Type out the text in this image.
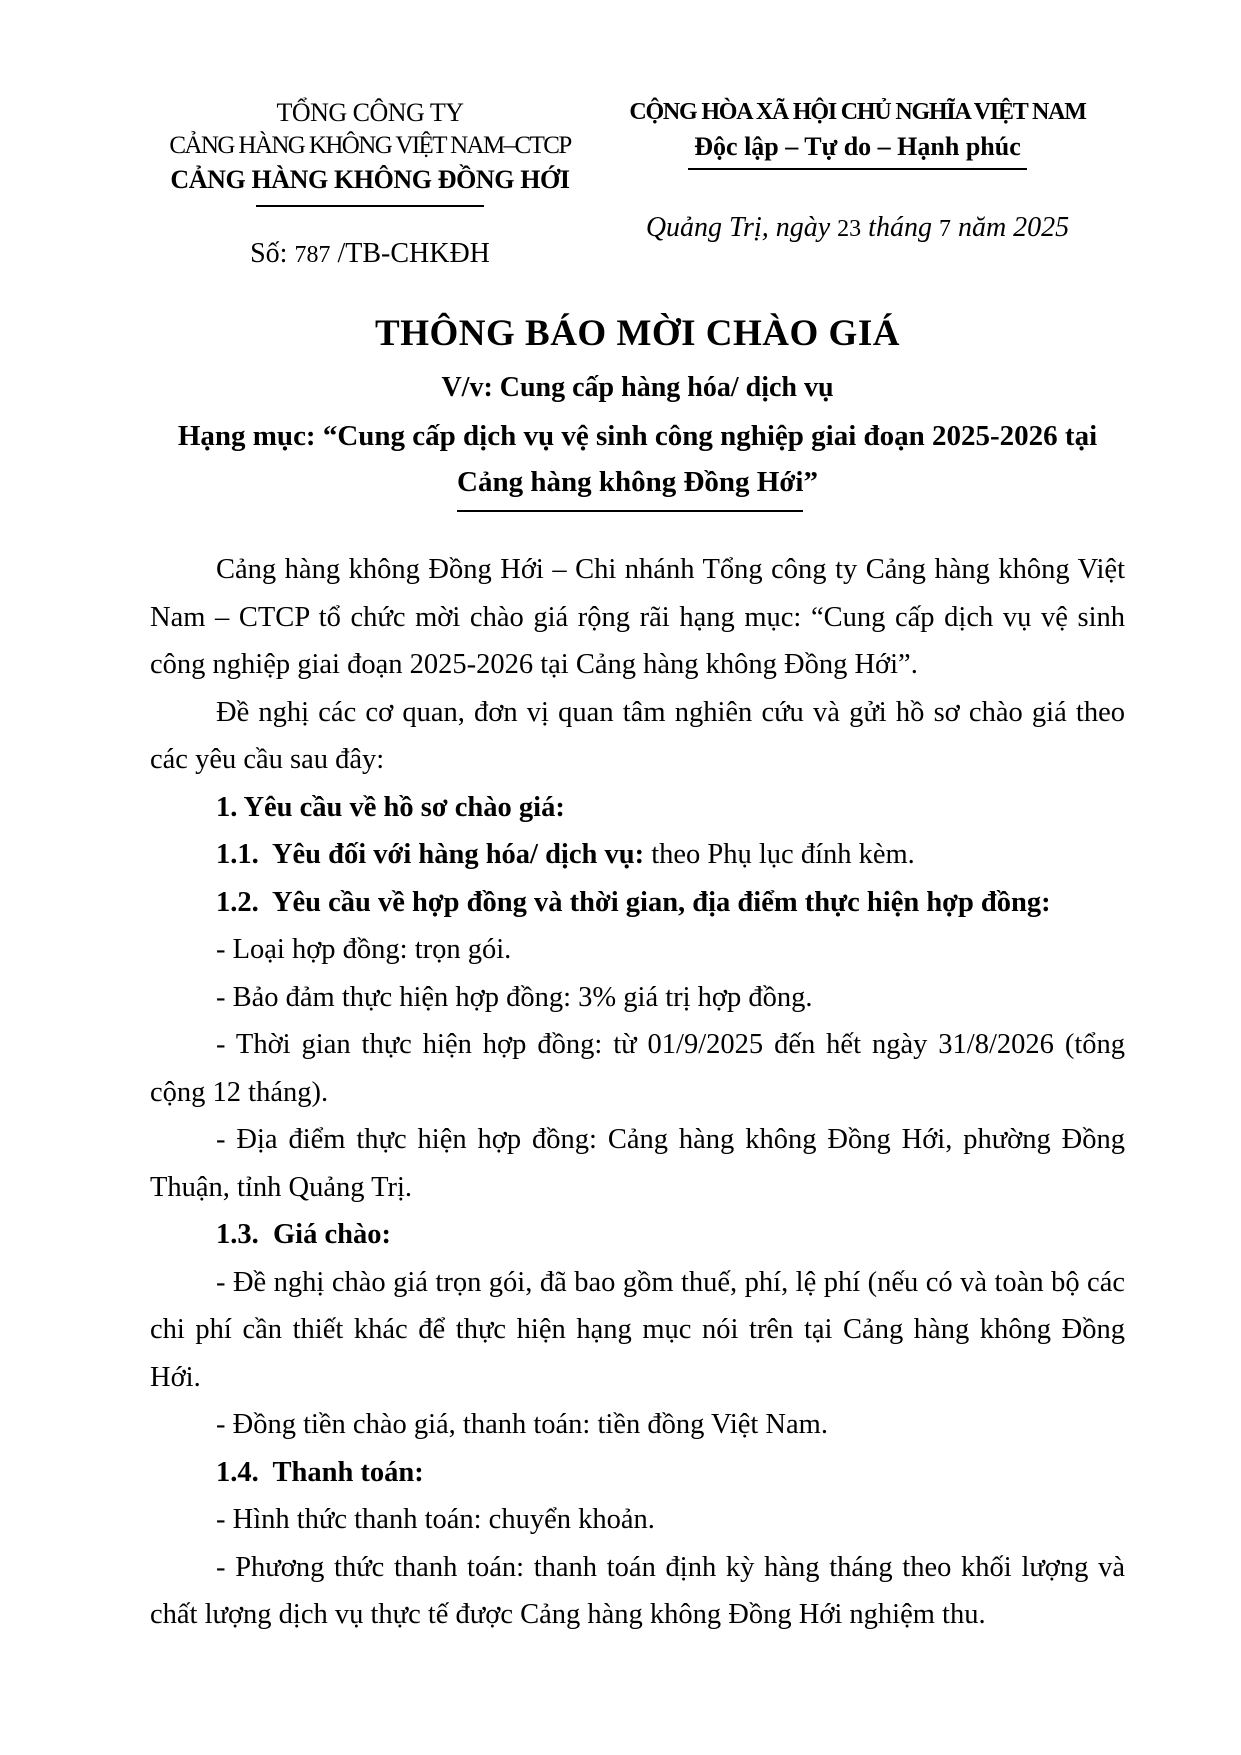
TỔNG CÔNG TY
CẢNG HÀNG KHÔNG VIỆT NAM–CTCP
CẢNG HÀNG KHÔNG ĐỒNG HỚI
Số: 787 /TB-CHKĐH
CỘNG HÒA XÃ HỘI CHỦ NGHĨA VIỆT NAM
Độc lập – Tự do – Hạnh phúc
Quảng Trị, ngày 23 tháng 7 năm 2025
THÔNG BÁO MỜI CHÀO GIÁ
V/v: Cung cấp hàng hóa/ dịch vụ
Hạng mục: “Cung cấp dịch vụ vệ sinh công nghiệp giai đoạn 2025-2026 tại
Cảng hàng không Đồng Hới”

Cảng hàng không Đồng Hới – Chi nhánh Tổng công ty Cảng hàng không Việt Nam – CTCP tổ chức mời chào giá rộng rãi hạng mục: “Cung cấp dịch vụ vệ sinh công nghiệp giai đoạn 2025-2026 tại Cảng hàng không Đồng Hới”.

Đề nghị các cơ quan, đơn vị quan tâm nghiên cứu và gửi hồ sơ chào giá theo các yêu cầu sau đây:

1. Yêu cầu về hồ sơ chào giá:

1.1.  Yêu đối với hàng hóa/ dịch vụ: theo Phụ lục đính kèm.

1.2.  Yêu cầu về hợp đồng và thời gian, địa điểm thực hiện hợp đồng:

- Loại hợp đồng: trọn gói.

- Bảo đảm thực hiện hợp đồng: 3% giá trị hợp đồng.

- Thời gian thực hiện hợp đồng: từ 01/9/2025 đến hết ngày 31/8/2026 (tổng cộng 12 tháng).

- Địa điểm thực hiện hợp đồng: Cảng hàng không Đồng Hới, phường Đồng Thuận, tỉnh Quảng Trị.

1.3.  Giá chào:

- Đề nghị chào giá trọn gói, đã bao gồm thuế, phí, lệ phí (nếu có và toàn bộ các chi phí cần thiết khác để thực hiện hạng mục nói trên tại Cảng hàng không Đồng Hới.

- Đồng tiền chào giá, thanh toán: tiền đồng Việt Nam.

1.4.  Thanh toán:

- Hình thức thanh toán: chuyển khoản.

- Phương thức thanh toán: thanh toán định kỳ hàng tháng theo khối lượng và chất lượng dịch vụ thực tế được Cảng hàng không Đồng Hới nghiệm thu.
